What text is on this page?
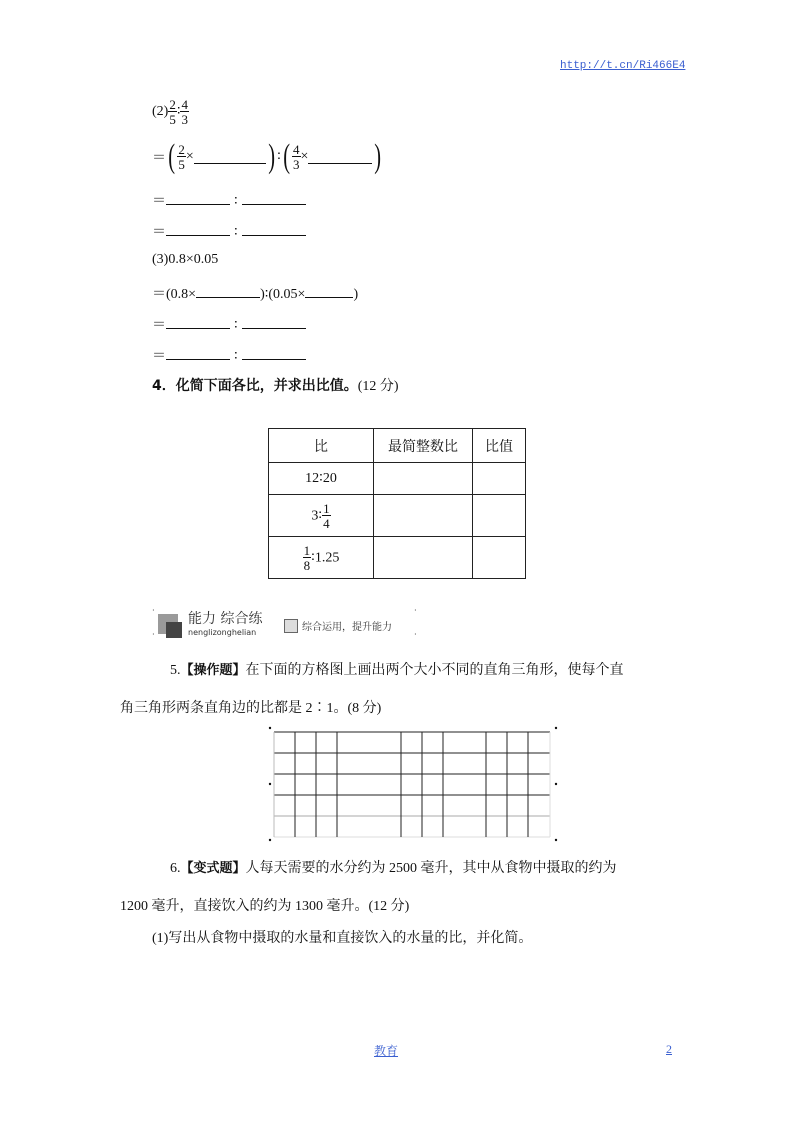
http://t.cn/Ri466E4
$(2) \frac{2}{5}$ ∶ $\frac{4}{3}$
＝( $\frac{2}{5}$ × ) ∶( $\frac{4}{3}$ × )
＝	∶
＝	∶
(3)0.8×0.05
＝(0.8×	)∶(0.05×	)
＝	∶
＝	∶
4．化简下面各比，并求出比值。(12 分)
比	最简整数比	比值
12∶20		
3∶ $\frac{1}{4}$

$\frac{1}{8}$ ∶1.25		
·
·
·
·
能力 综合练
nenglizonghelian	综合运用，提升能力
5.【操作题】在下面的方格图上画出两个大小不同的直角三角形，使每个直
角三角形两条直角边的比都是 2∶1。(8 分)
6.【变式题】人每天需要的水分约为 2500 毫升，其中从食物中摄取的约为
1200 毫升，直接饮入的约为 1300 毫升。(12 分)
(1)写出从食物中摄取的水量和直接饮入的水量的比，并化简。
教育	2
